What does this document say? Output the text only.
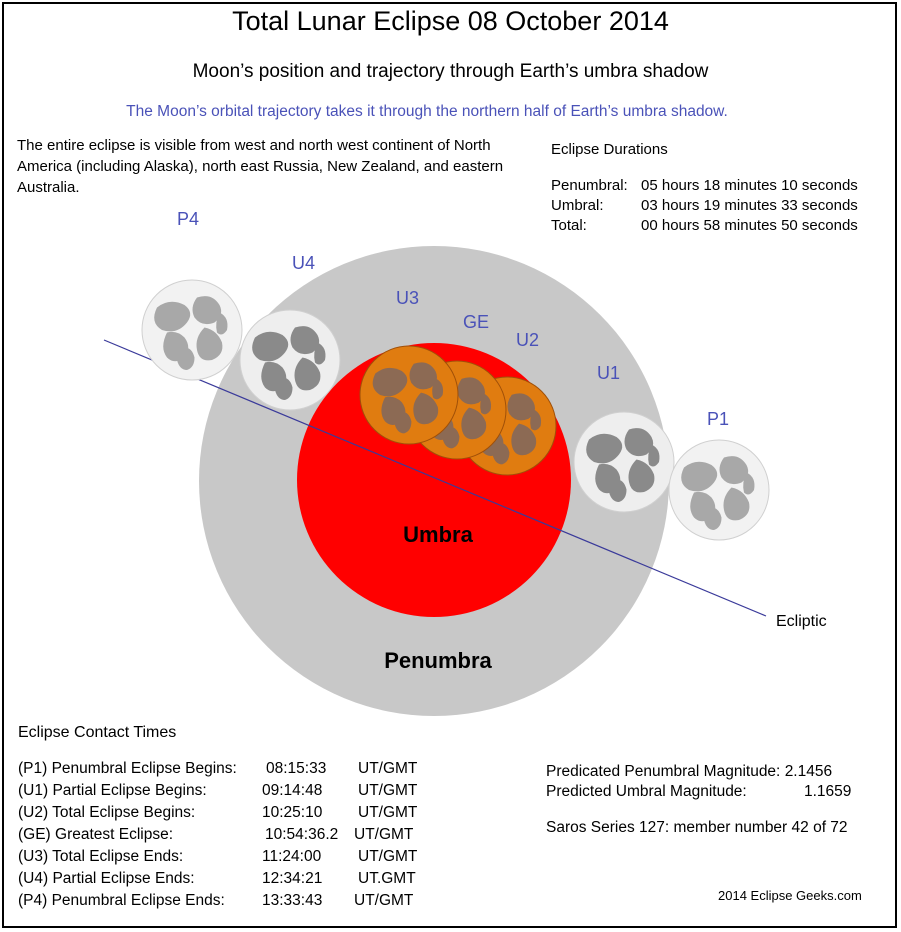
P4
U4
U3
GE
U2
U1
P1
Umbra
Penumbra
Ecliptic
Total Lunar Eclipse 08 October 2014
Moon’s position and trajectory through Earth’s umbra shadow
The Moon’s orbital trajectory takes it through the northern half of Earth’s umbra shadow.
The entire eclipse is visible from west and north west continent of North America (including Alaska), north east Russia, New Zealand, and eastern Australia.
Eclipse Durations
Penumbral: 05 hours 18 minutes 10 seconds
Umbral: 03 hours 19 minutes 33 seconds
Total:	00 hours 58 minutes 50 seconds
Eclipse Contact Times
(P1) Penumbral Eclipse Begins: 08:15:33 UT/GMT
(U1) Partial Eclipse Begins:	09:14:48 UT/GMT
(U2) Total Eclipse Begins:	10:25:10 UT/GMT
(GE) Greatest Eclipse:	10:54:36.2 UT/GMT
(U3) Total Eclipse Ends:	11:24:00 UT/GMT
(U4) Partial Eclipse Ends:	12:34:21 UT.GMT
(P4) Penumbral Eclipse Ends: 13:33:43 UT/GMT
Predicated Penumbral Magnitude: 2.1456
Predicted Umbral Magnitude:	1.1659
Saros Series 127: member number 42 of 72
2014 Eclipse Geeks.com
